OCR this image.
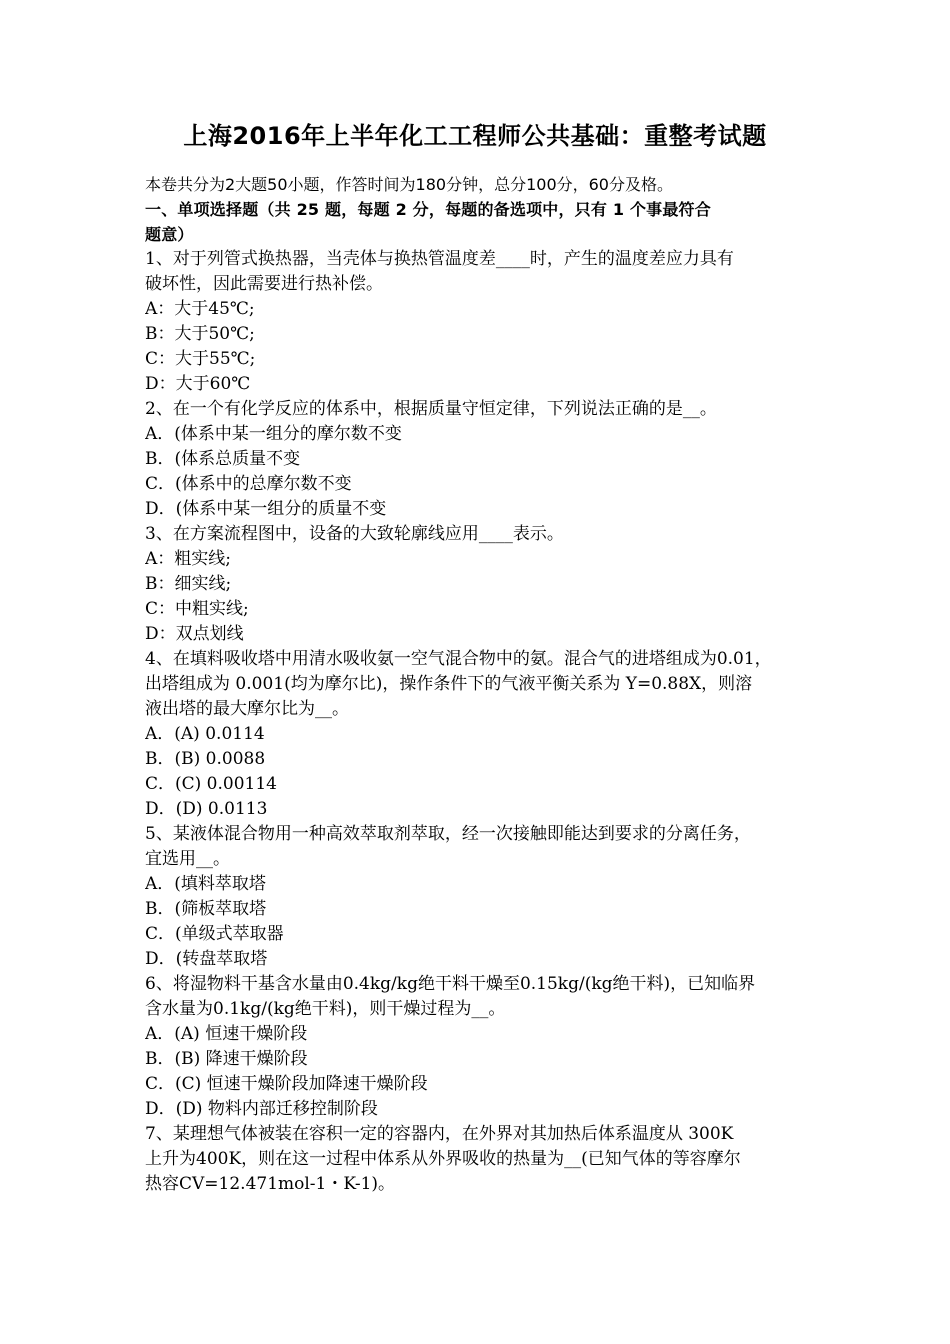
上海2016年上半年化工工程师公共基础：重整考试题
本卷共分为2大题50小题，作答时间为180分钟，总分100分，60分及格。
一、单项选择题（共 25 题，每题 2 分，每题的备选项中，只有 1 个事最符合
题意）
1、对于列管式换热器，当壳体与换热管温度差____时，产生的温度差应力具有
破坏性，因此需要进行热补偿。
A：大于45℃;
B：大于50℃;
C：大于55℃;
D：大于60℃
2、在一个有化学反应的体系中，根据质量守恒定律，下列说法正确的是__。
A．(体系中某一组分的摩尔数不变
B．(体系总质量不变
C．(体系中的总摩尔数不变
D．(体系中某一组分的质量不变
3、在方案流程图中，设备的大致轮廓线应用____表示。
A：粗实线;
B：细实线;
C：中粗实线;
D：双点划线
4、在填料吸收塔中用清水吸收氨一空气混合物中的氨。混合气的进塔组成为0.01，
出塔组成为 0.001(均为摩尔比)，操作条件下的气液平衡关系为 Y=0.88X，则溶
液出塔的最大摩尔比为__。
A．(A) 0.0114
B．(B) 0.0088
C．(C) 0.00114
D．(D) 0.0113
5、某液体混合物用一种高效萃取剂萃取，经一次接触即能达到要求的分离任务，
宜选用__。
A．(填料萃取塔
B．(筛板萃取塔
C．(单级式萃取器
D．(转盘萃取塔
6、将湿物料干基含水量由0.4kg/kg绝干料干燥至0.15kg/(kg绝干料)，已知临界
含水量为0.1kg/(kg绝干料)，则干燥过程为__。
A．(A) 恒速干燥阶段
B．(B) 降速干燥阶段
C．(C) 恒速干燥阶段加降速干燥阶段
D．(D) 物料内部迁移控制阶段
7、某理想气体被装在容积一定的容器内，在外界对其加热后体系温度从 300K
上升为400K，则在这一过程中体系从外界吸收的热量为__(已知气体的等容摩尔
热容CV=12.471mol-1・K-1)。
